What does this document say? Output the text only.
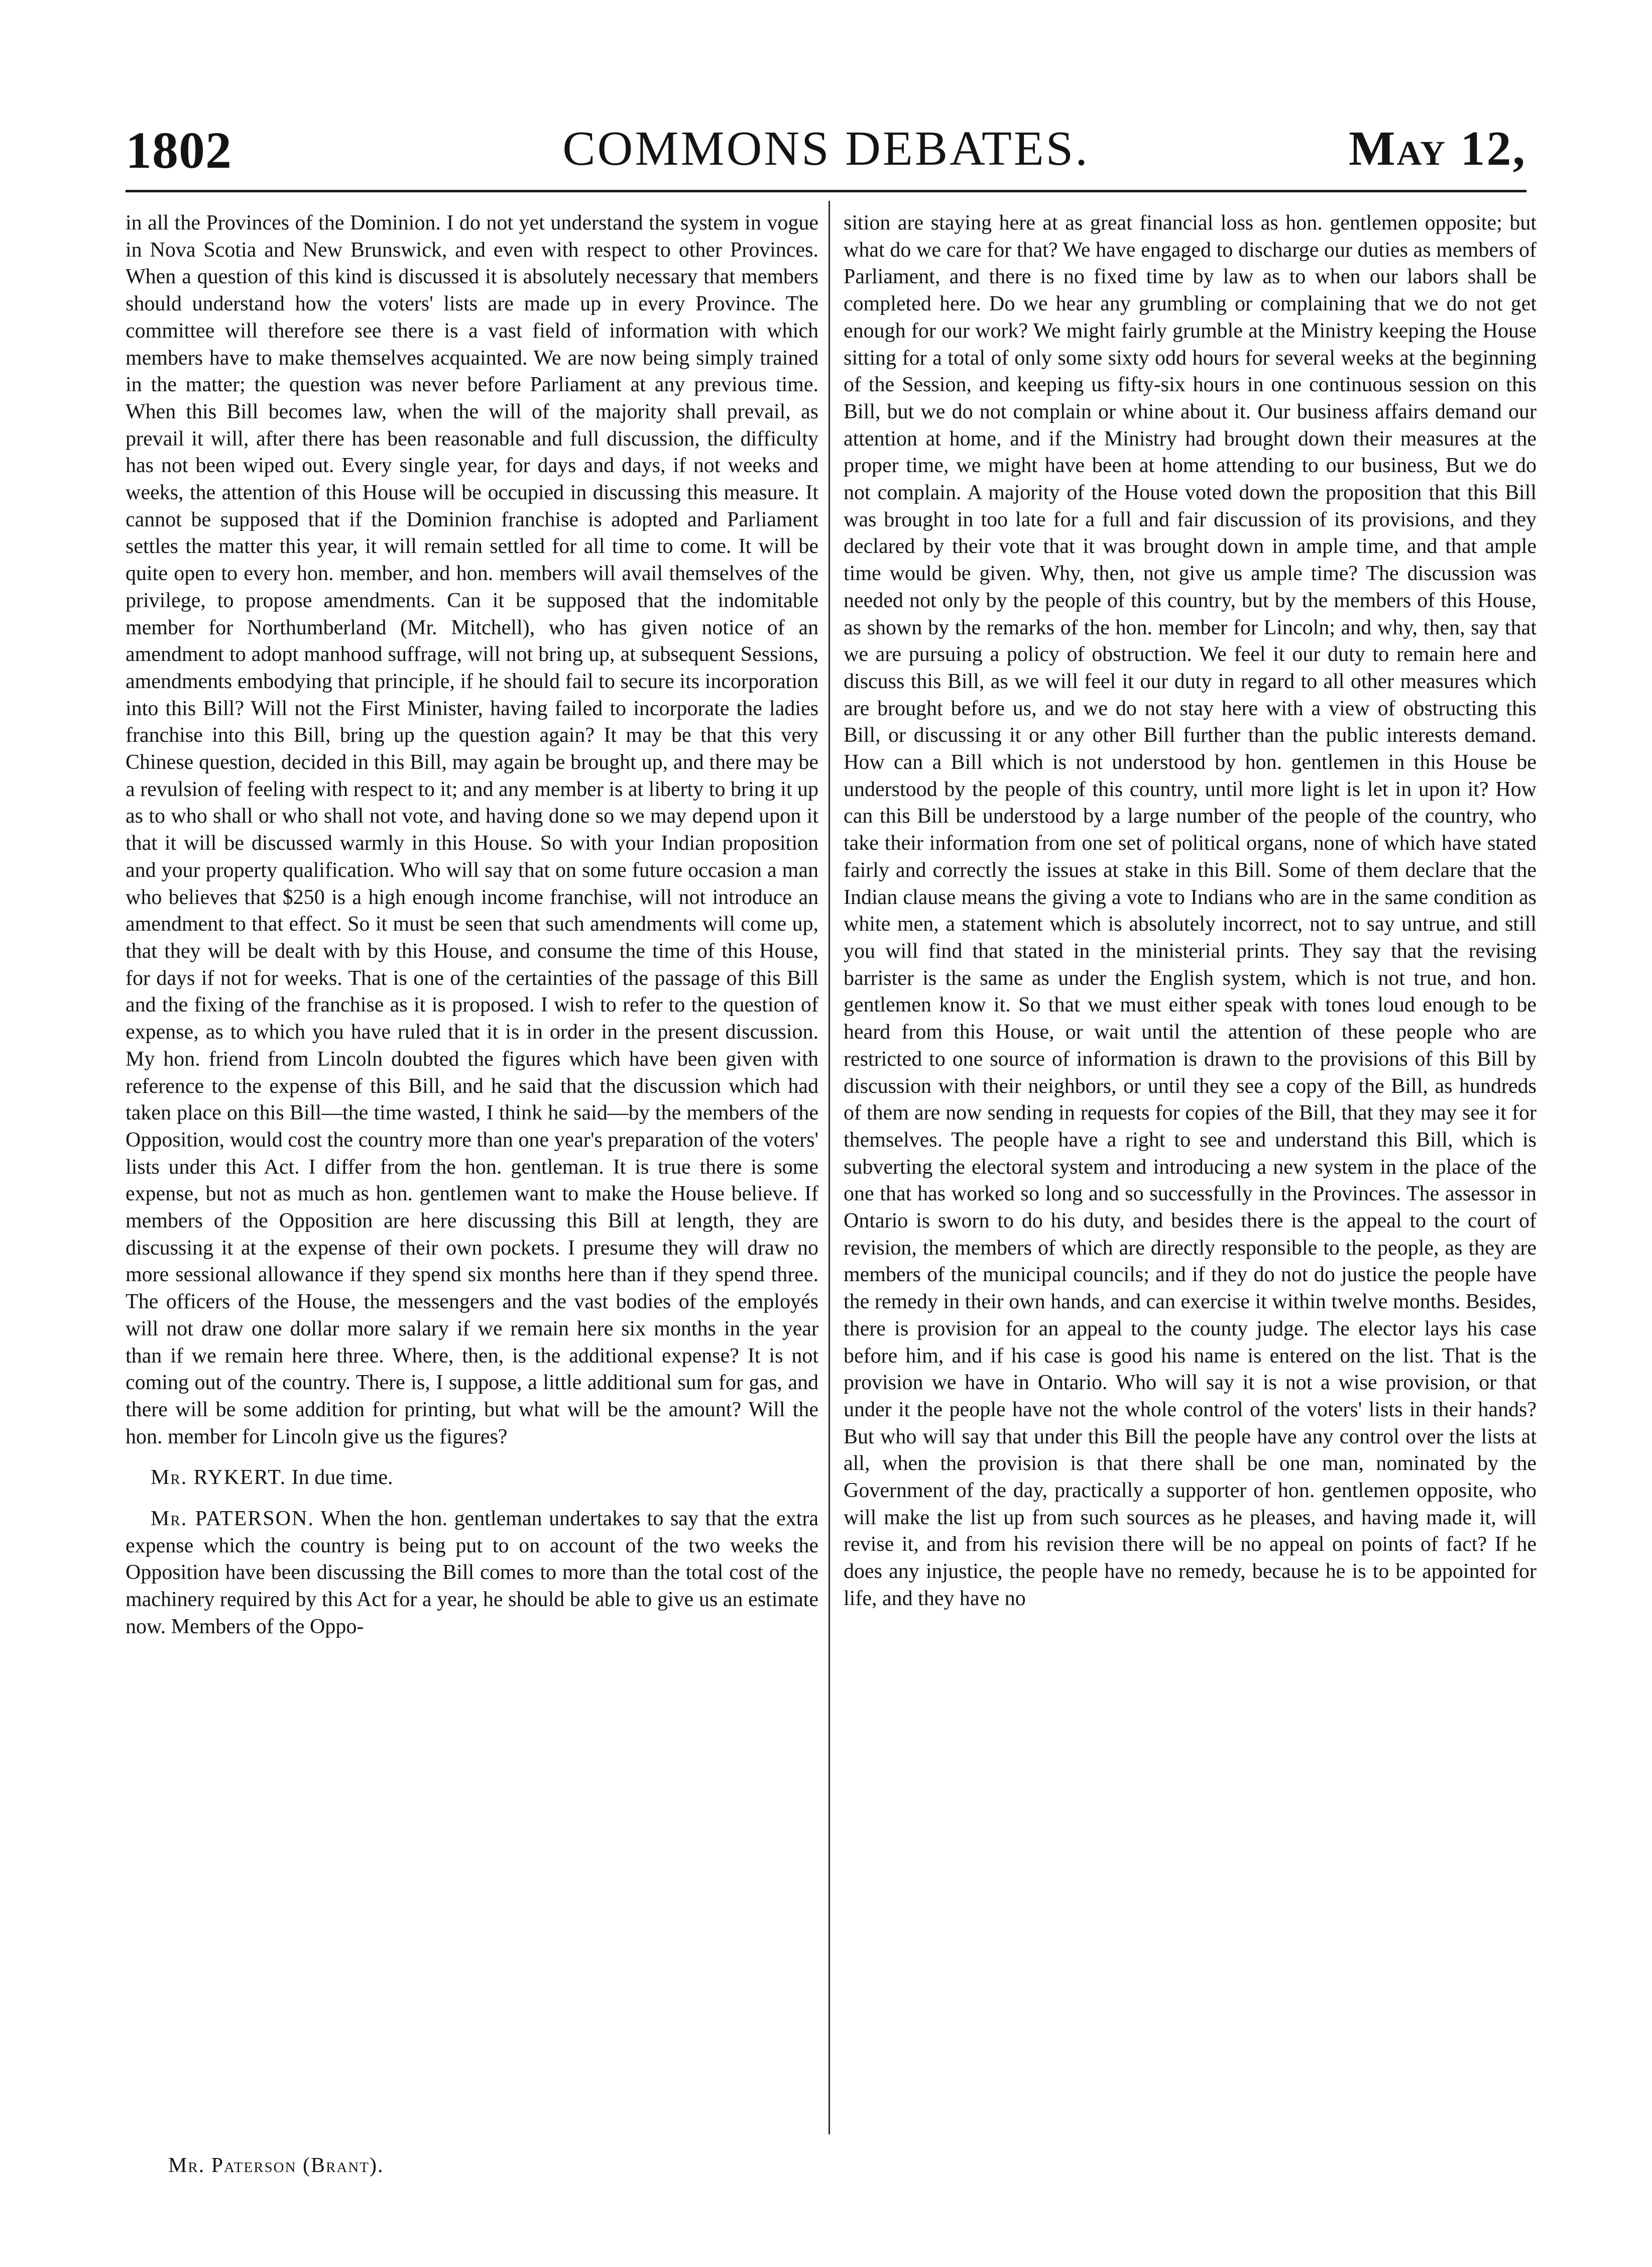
1802	COMMONS DEBATES.	May 12,

in all the Provinces of the Dominion. I do not yet understand the system in vogue in Nova Scotia and New Brunswick, and even with respect to other Provinces. When a question of this kind is discussed it is absolutely necessary that members should understand how the voters' lists are made up in every Province. The committee will therefore see there is a vast field of information with which members have to make themselves acquainted. We are now being simply trained in the matter; the question was never before Parliament at any previous time. When this Bill becomes law, when the will of the majority shall prevail, as prevail it will, after there has been reasonable and full discussion, the difficulty has not been wiped out. Every single year, for days and days, if not weeks and weeks, the attention of this House will be occupied in discussing this measure. It cannot be supposed that if the Dominion franchise is adopted and Parliament settles the matter this year, it will remain settled for all time to come. It will be quite open to every hon. member, and hon. members will avail themselves of the privilege, to propose amendments. Can it be supposed that the indomitable member for Northumberland (Mr. Mitchell), who has given notice of an amendment to adopt manhood suffrage, will not bring up, at subsequent Sessions, amendments embodying that principle, if he should fail to secure its incorporation into this Bill? Will not the First Minister, having failed to incorporate the ladies franchise into this Bill, bring up the question again? It may be that this very Chinese question, decided in this Bill, may again be brought up, and there may be a revulsion of feeling with respect to it; and any member is at liberty to bring it up as to who shall or who shall not vote, and having done so we may depend upon it that it will be discussed warmly in this House. So with your Indian proposition and your property qualification. Who will say that on some future occasion a man who believes that $250 is a high enough income franchise, will not introduce an amendment to that effect. So it must be seen that such amendments will come up, that they will be dealt with by this House, and consume the time of this House, for days if not for weeks. That is one of the certainties of the passage of this Bill and the fixing of the franchise as it is proposed. I wish to refer to the question of expense, as to which you have ruled that it is in order in the present discussion. My hon. friend from Lincoln doubted the figures which have been given with reference to the expense of this Bill, and he said that the discussion which had taken place on this Bill—the time wasted, I think he said—by the members of the Opposition, would cost the country more than one year's preparation of the voters' lists under this Act. I differ from the hon. gentleman. It is true there is some expense, but not as much as hon. gentlemen want to make the House believe. If members of the Opposition are here discussing this Bill at length, they are discussing it at the expense of their own pockets. I presume they will draw no more sessional allowance if they spend six months here than if they spend three. The officers of the House, the messengers and the vast bodies of the employés will not draw one dollar more salary if we remain here six months in the year than if we remain here three. Where, then, is the additional expense? It is not coming out of the country. There is, I suppose, a little additional sum for gas, and there will be some addition for printing, but what will be the amount? Will the hon. member for Lincoln give us the figures?

Mr. RYKERT. In due time.

Mr. PATERSON. When the hon. gentleman undertakes to say that the extra expense which the country is being put to on account of the two weeks the Opposition have been discussing the Bill comes to more than the total cost of the machinery required by this Act for a year, he should be able to give us an estimate now. Members of the Oppo-

sition are staying here at as great financial loss as hon. gentlemen opposite; but what do we care for that? We have engaged to discharge our duties as members of Parliament, and there is no fixed time by law as to when our labors shall be completed here. Do we hear any grumbling or complaining that we do not get enough for our work? We might fairly grumble at the Ministry keeping the House sitting for a total of only some sixty odd hours for several weeks at the beginning of the Session, and keeping us fifty-six hours in one continuous session on this Bill, but we do not complain or whine about it. Our business affairs demand our attention at home, and if the Ministry had brought down their measures at the proper time, we might have been at home attending to our business, But we do not complain. A majority of the House voted down the proposition that this Bill was brought in too late for a full and fair discussion of its provisions, and they declared by their vote that it was brought down in ample time, and that ample time would be given. Why, then, not give us ample time? The discussion was needed not only by the people of this country, but by the members of this House, as shown by the remarks of the hon. member for Lincoln; and why, then, say that we are pursuing a policy of obstruction. We feel it our duty to remain here and discuss this Bill, as we will feel it our duty in regard to all other measures which are brought before us, and we do not stay here with a view of obstructing this Bill, or discussing it or any other Bill further than the public interests demand. How can a Bill which is not understood by hon. gentlemen in this House be understood by the people of this country, until more light is let in upon it? How can this Bill be understood by a large number of the people of the country, who take their information from one set of political organs, none of which have stated fairly and correctly the issues at stake in this Bill. Some of them declare that the Indian clause means the giving a vote to Indians who are in the same condition as white men, a statement which is absolutely incorrect, not to say untrue, and still you will find that stated in the ministerial prints. They say that the revising barrister is the same as under the English system, which is not true, and hon. gentlemen know it. So that we must either speak with tones loud enough to be heard from this House, or wait until the attention of these people who are restricted to one source of information is drawn to the provisions of this Bill by discussion with their neighbors, or until they see a copy of the Bill, as hundreds of them are now sending in requests for copies of the Bill, that they may see it for themselves. The people have a right to see and understand this Bill, which is subverting the electoral system and introducing a new system in the place of the one that has worked so long and so successfully in the Provinces. The assessor in Ontario is sworn to do his duty, and besides there is the appeal to the court of revision, the members of which are directly responsible to the people, as they are members of the municipal councils; and if they do not do justice the people have the remedy in their own hands, and can exercise it within twelve months. Besides, there is provision for an appeal to the county judge. The elector lays his case before him, and if his case is good his name is entered on the list. That is the provision we have in Ontario. Who will say it is not a wise provision, or that under it the people have not the whole control of the voters' lists in their hands? But who will say that under this Bill the people have any control over the lists at all, when the provision is that there shall be one man, nominated by the Government of the day, practically a supporter of hon. gentlemen opposite, who will make the list up from such sources as he pleases, and having made it, will revise it, and from his revision there will be no appeal on points of fact? If he does any injustice, the people have no remedy, because he is to be appointed for life, and they have no

Mr. Paterson (Brant).
